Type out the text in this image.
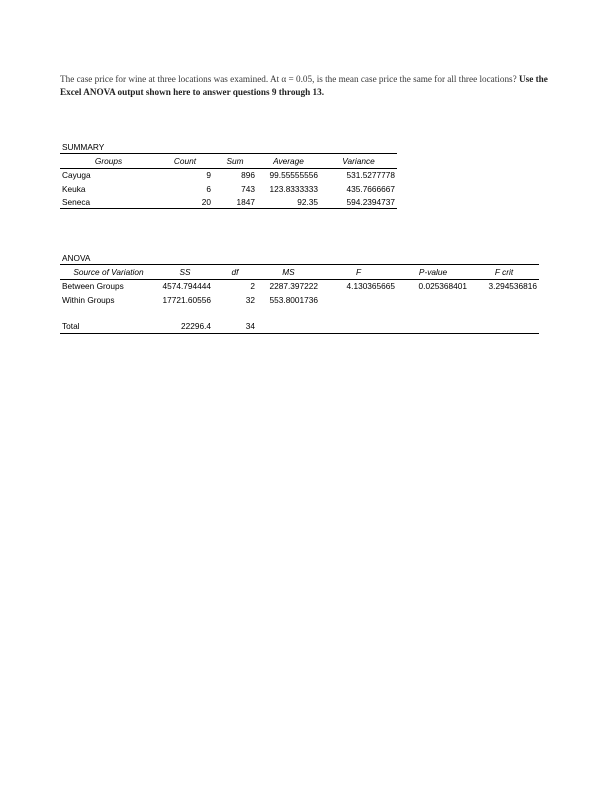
The case price for wine at three locations was examined. At α = 0.05, is the mean case price the same for all three locations? Use the Excel ANOVA output shown here to answer questions 9 through 13.
SUMMARY				
Groups	Count	Sum	Average	Variance
Cayuga	9	896	99.55555556	531.5277778
Keuka	6	743	123.8333333	435.7666667
Seneca	20	1847	92.35	594.2394737
ANOVA						
Source of Variation	SS	df	MS	F	P-value	F crit
Between Groups	4574.794444	2	2287.397222	4.130365665	0.025368401	3.294536816
Within Groups	17721.60556	32	553.8001736			

Total	22296.4	34				
